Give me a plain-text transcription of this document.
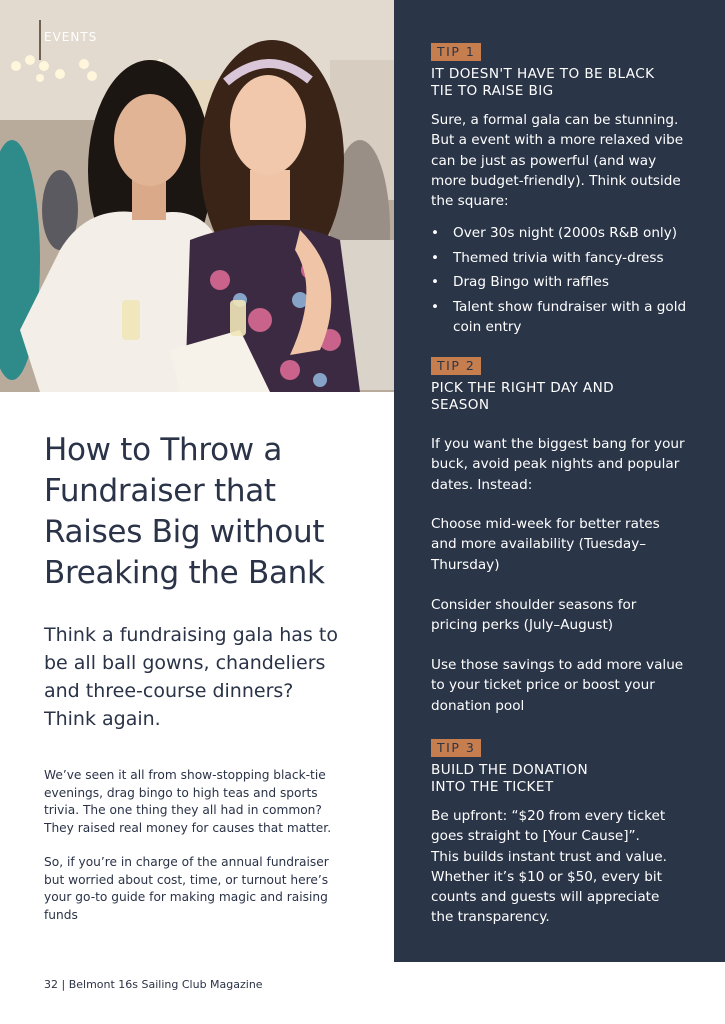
EVENTS
How to Throw a
Fundraiser that
Raises Big without
Breaking the Bank
Think a fundraising gala has to
be all ball gowns, chandeliers
and three-course dinners?
Think again.
We’ve seen it all from show-stopping black-tie
evenings, drag bingo to high teas and sports
trivia. The one thing they all had in common?
They raised real money for causes that matter.
So, if you’re in charge of the annual fundraiser
but worried about cost, time, or turnout here’s
your go-to guide for making magic and raising
funds
32 | Belmont 16s Sailing Club Magazine
TIP 1
IT DOESN'T HAVE TO BE BLACK
TIE TO RAISE BIG
Sure, a formal gala can be stunning.
But a event with a more relaxed vibe
can be just as powerful (and way
more budget-friendly). Think outside
the square:
• Over 30s night (2000s R&B only)
• Themed trivia with fancy-dress
• Drag Bingo with raffles
• Talent show fundraiser with a gold coin entry
TIP 2
PICK THE RIGHT DAY AND
SEASON
If you want the biggest bang for your
buck, avoid peak nights and popular
dates. Instead:
Choose mid-week for better rates
and more availability (Tuesday–
Thursday)
Consider shoulder seasons for
pricing perks (July–August)
Use those savings to add more value
to your ticket price or boost your
donation pool
TIP 3
BUILD THE DONATION
INTO THE TICKET
Be upfront: “$20 from every ticket
goes straight to [Your Cause]”.
This builds instant trust and value.
Whether it’s $10 or $50, every bit
counts and guests will appreciate
the transparency.
